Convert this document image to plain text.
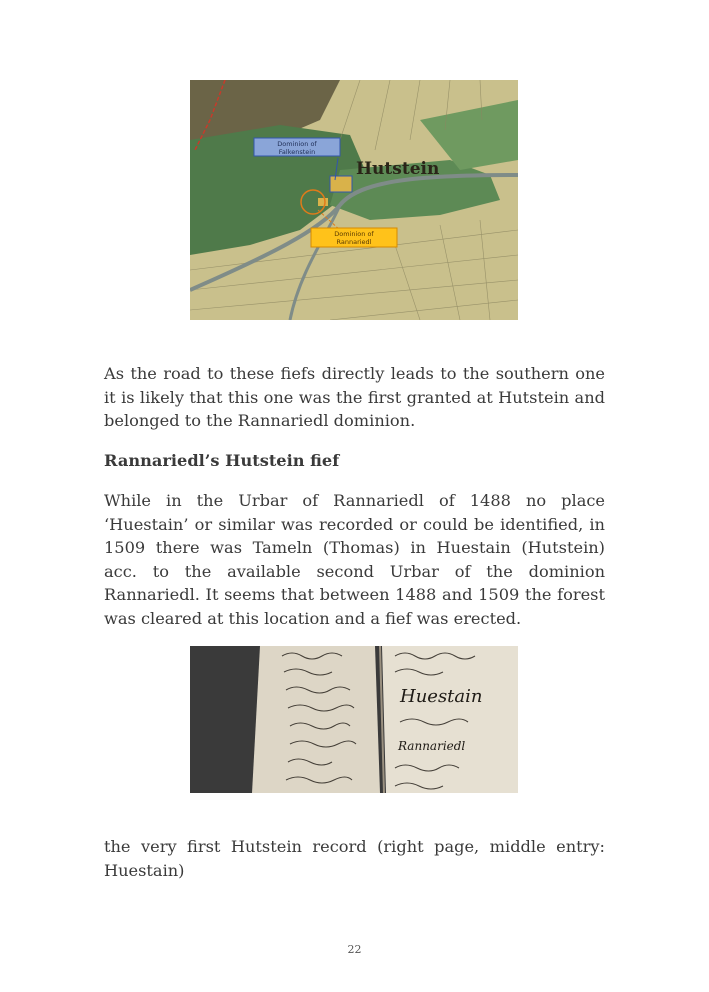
Hutstein
Dominion of
Falkenstein
Dominion of
Rannariedl

As the road to these fiefs directly leads to the southern one it is likely that this one was the first granted at Hutstein and belonged to the Rannariedl dominion.

Rannariedl’s Hutstein fief

While in the Urbar of Rannariedl of 1488 no place ‘Huestain’ or similar was recorded or could be identified, in 1509 there was Tameln (Thomas) in Huestain (Hutstein) acc. to the available second Urbar of the dominion Rannariedl. It seems that between 1488 and 1509 the forest was cleared at this location and a fief was erected.

Huestain
Rannariedl

the very first Hutstein record (right page, middle entry: Huestain)

22
